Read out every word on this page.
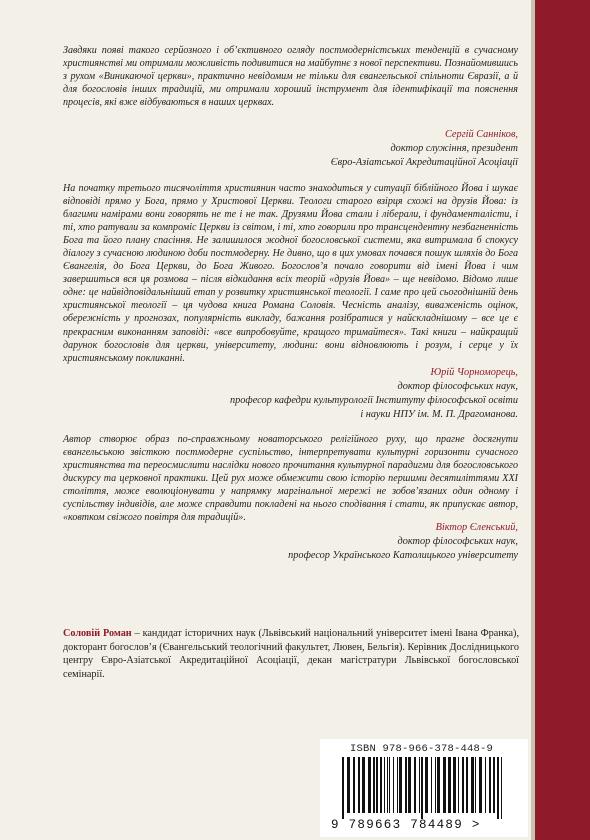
Завдяки появі такого серйозного і об’єктивного огляду постмодерністських тенденцій в сучасному християнстві ми отримали можливість подивитися на майбутнє з нової перспективи. Познайомившись з рухом «Виникаючої церкви», практично невідомим не тільки для євангельської спільноти Євразії, а й для богословів інших традицій, ми отримали хороший інструмент для ідентифікації та пояснення процесів, які вже відбуваються в наших церквах.

Сергій Санніков,
доктор служіння, президент
Євро-Азіатської Акредитаційної Асоціації

На початку третього тисячоліття християнин часто знаходиться у ситуації біблійного Йова і шукає відповіді прямо у Бога, прямо у Христової Церкви. Теологи старого взірця схожі на друзів Йова: із благими намірами вони говорять не те і не так. Друзями Йова стали і ліберали, і фундаменталісти, і ті, хто ратували за компроміс Церкви із світом, і ті, хто говорили про трансцендентну незбагненність Бога та його плану спасіння. Не залишилося жодної богословської системи, яка витримала б спокусу діалогу з сучасною людиною доби постмодерну. Не дивно, що в цих умовах почався пошук шляхів до Бога Євангелія, до Бога Церкви, до Бога Живого. Богослов’я почало говорити від імені Йова і чим завершиться вся ця розмова – після відкидання всіх теорій «друзів Йова» – ще невідомо. Відомо лише одне: це найвідповідальніший етап у розвитку християнської теології. І саме про цей сьогоднішній день християнської теології – ця чудова книга Романа Соловія. Чесність аналізу, виваженість оцінок, обережність у прогнозах, популярність викладу, бажання розібратися у найскладнішому – все це є прекрасним виконанням заповіді: «все випробовуйте, кращого тримайтеся». Такі книги – найкращий дарунок богословів для церкви, університету, людини: вони відновлюють і розум, і серце у їх християнському покликанні.

Юрій Чорноморець,
доктор філософських наук,
професор кафедри культурології Інституту філософської освіти
і науки НПУ ім. М. П. Драгоманова.

Автор створює образ по-справжньому новаторського релігійного руху, що прагне досягнути євангельською звісткою постмодерне суспільство, інтерпретувати культурні горизонти сучасного християнства та переосмислити наслідки нового прочитання культурної парадигми для богословського дискурсу та церковної практики. Цей рух може обмежити свою історію першими десятиліттями ХХІ століття, може еволюціонувати у напрямку маргінальної мережі не зобов’язаних один одному і суспільству індивідів, але може справдити покладені на нього сподівання і стати, як припускає автор, «ковтком свіжого повітря для традицій».

Віктор Єленський,
доктор філософських наук,
професор Українського Католицького університету

Соловій Роман – кандидат історичних наук (Львівський національний університет імені Івана Франка), докторант богослов’я (Євангельський теологічний факультет, Лювен, Бельгія). Керівник Дослідницького центру Євро-Азіатської Акредитаційної Асоціації, декан магістратури Львівської богословської семінарії.

ISBN 978-966-378-448-9
9 789663 784489 >
